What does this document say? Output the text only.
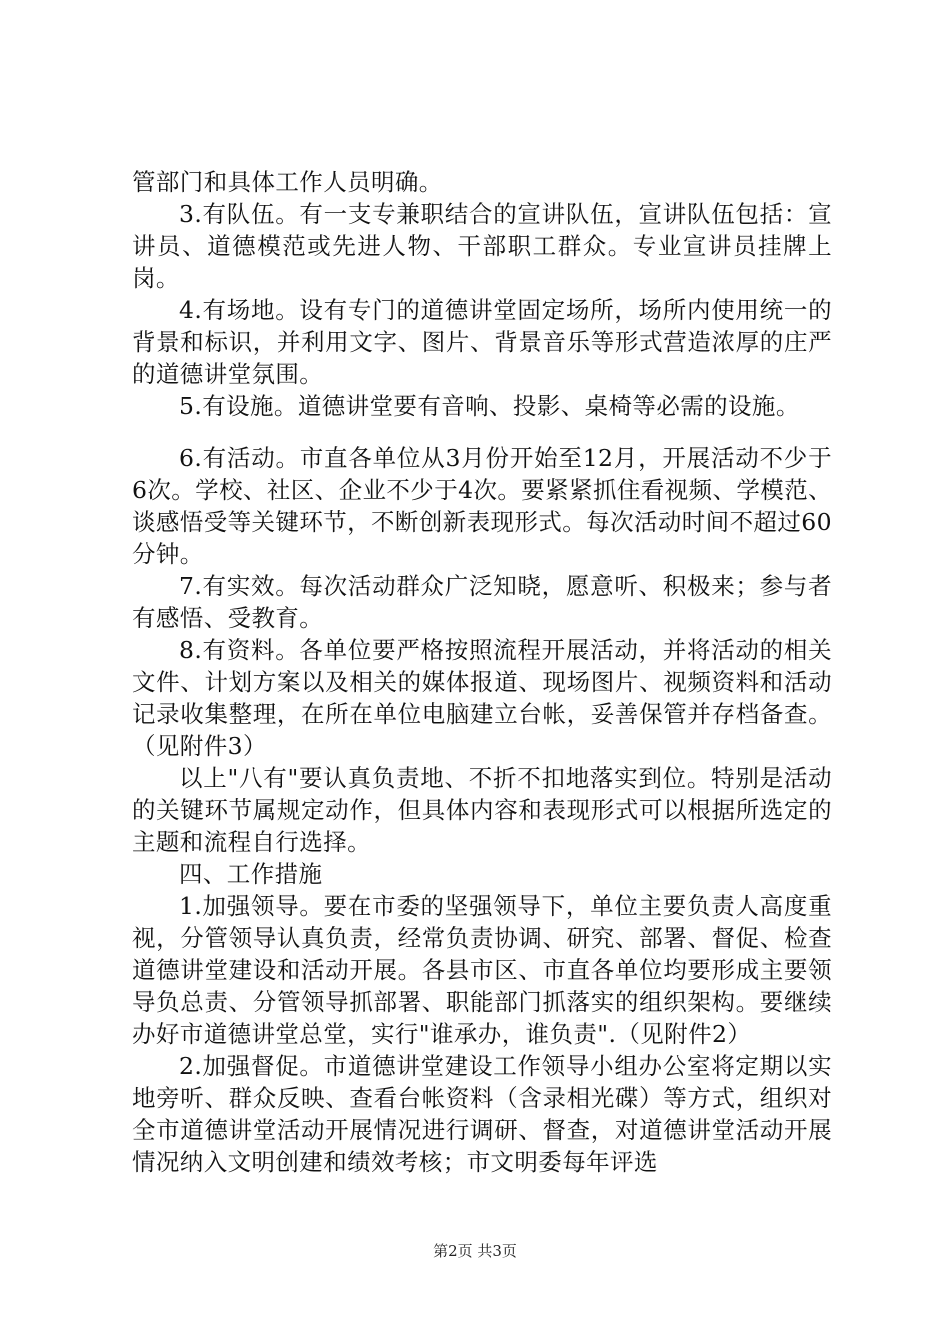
管部门和具体工作人员明确。

3.有队伍。有一支专兼职结合的宣讲队伍，宣讲队伍包括：宣讲员、道德模范或先进人物、干部职工群众。专业宣讲员挂牌上岗。

4.有场地。设有专门的道德讲堂固定场所，场所内使用统一的背景和标识，并利用文字、图片、背景音乐等形式营造浓厚的庄严的道德讲堂氛围。

5.有设施。道德讲堂要有音响、投影、桌椅等必需的设施。

6.有活动。市直各单位从3月份开始至12月，开展活动不少于6次。学校、社区、企业不少于4次。要紧紧抓住看视频、学模范、谈感悟受等关键环节，不断创新表现形式。每次活动时间不超过60分钟。

7.有实效。每次活动群众广泛知晓，愿意听、积极来；参与者有感悟、受教育。

8.有资料。各单位要严格按照流程开展活动，并将活动的相关文件、计划方案以及相关的媒体报道、现场图片、视频资料和活动记录收集整理，在所在单位电脑建立台帐，妥善保管并存档备查。（见附件3）

以上"八有"要认真负责地、不折不扣地落实到位。特别是活动的关键环节属规定动作，但具体内容和表现形式可以根据所选定的主题和流程自行选择。

四、工作措施

1.加强领导。要在市委的坚强领导下，单位主要负责人高度重视，分管领导认真负责，经常负责协调、研究、部署、督促、检查道德讲堂建设和活动开展。各县市区、市直各单位均要形成主要领导负总责、分管领导抓部署、职能部门抓落实的组织架构。要继续办好市道德讲堂总堂，实行"谁承办，谁负责".（见附件2）

2.加强督促。市道德讲堂建设工作领导小组办公室将定期以实地旁听、群众反映、查看台帐资料（含录相光碟）等方式，组织对全市道德讲堂活动开展情况进行调研、督查，对道德讲堂活动开展情况纳入文明创建和绩效考核；市文明委每年评选

第2页 共3页
